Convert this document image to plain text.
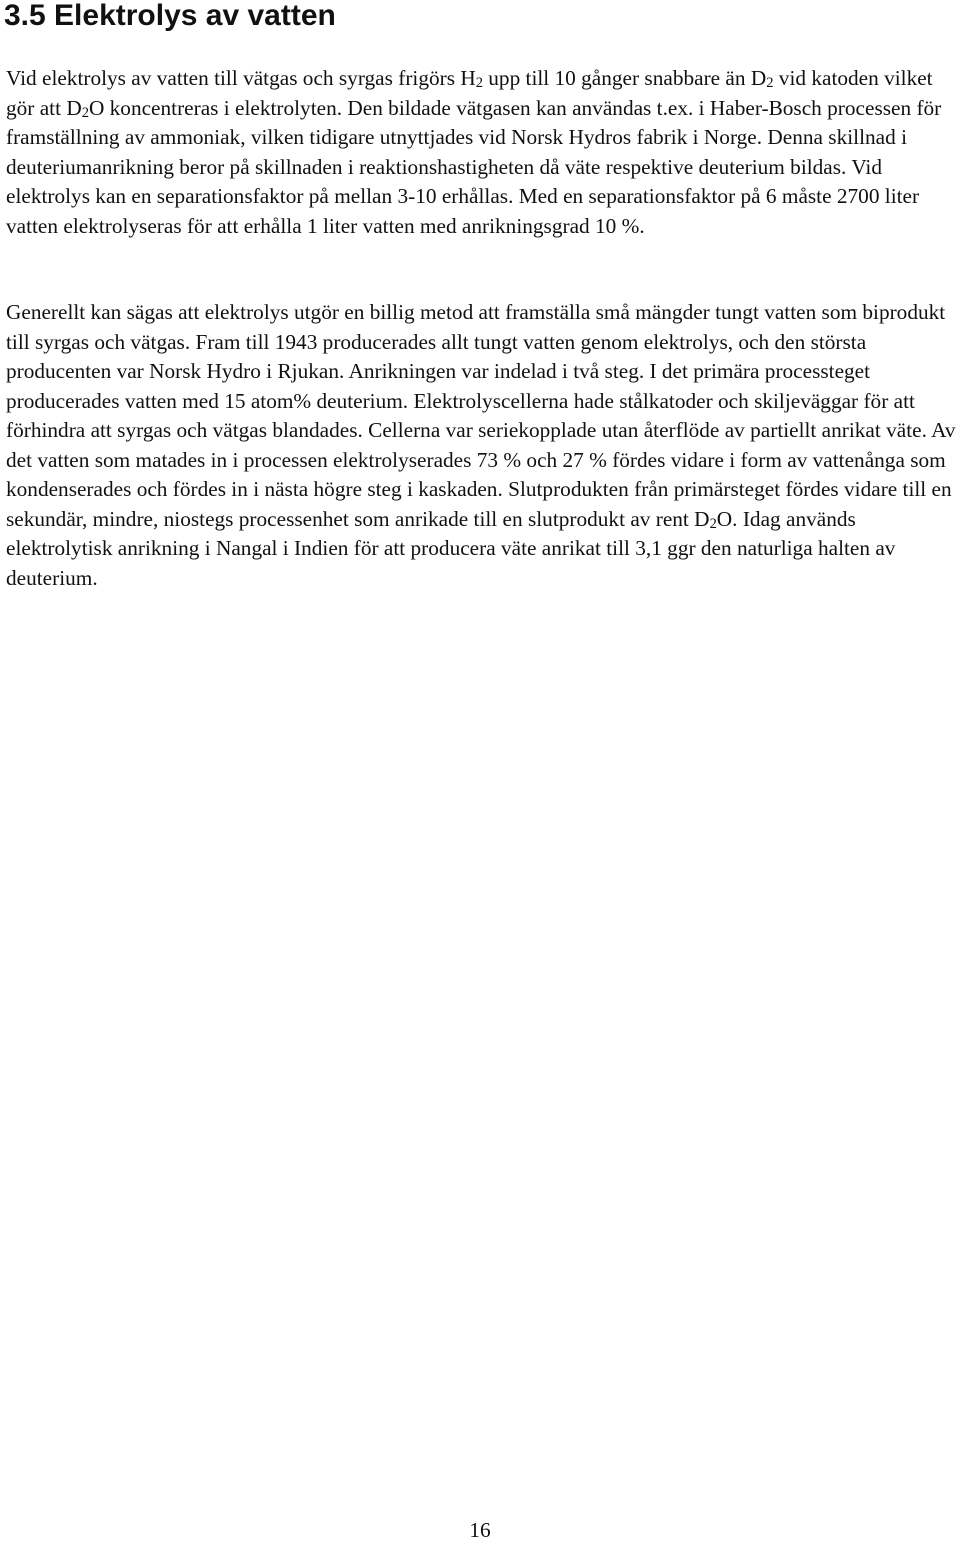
3.5 Elektrolys av vatten

Vid elektrolys av vatten till vätgas och syrgas frigörs $H_2$ upp till 10 gånger snabbare än $D_2$ vid katoden vilket gör att $D_2O$ koncentreras i elektrolyten. Den bildade vätgasen kan användas t.ex. i Haber-Bosch processen för framställning av ammoniak, vilken tidigare utnyttjades vid Norsk Hydros fabrik i Norge. Denna skillnad i deuteriumanrikning beror på skillnaden i reaktionshastigheten då väte respektive deuterium bildas. Vid elektrolys kan en separationsfaktor på mellan 3-10 erhållas. Med en separationsfaktor på 6 måste 2700 liter vatten elektrolyseras för att erhålla 1 liter vatten med anrikningsgrad 10 %.

Generellt kan sägas att elektrolys utgör en billig metod att framställa små mängder tungt vatten som biprodukt till syrgas och vätgas. Fram till 1943 producerades allt tungt vatten genom elektrolys, och den största producenten var Norsk Hydro i Rjukan. Anrikningen var indelad i två steg. I det primära processteget producerades vatten med 15 atom% deuterium. Elektrolyscellerna hade stålkatoder och skiljeväggar för att förhindra att syrgas och vätgas blandades. Cellerna var seriekopplade utan återflöde av partiellt anrikat väte. Av det vatten som matades in i processen elektrolyserades 73 % och 27 % fördes vidare i form av vattenånga som kondenserades och fördes in i nästa högre steg i kaskaden. Slutprodukten från primärsteget fördes vidare till en sekundär, mindre, niostegs processenhet som anrikade till en slutprodukt av rent $D_2O$. Idag används elektrolytisk anrikning i Nangal i Indien för att producera väte anrikat till 3,1 ggr den naturliga halten av deuterium.

16
